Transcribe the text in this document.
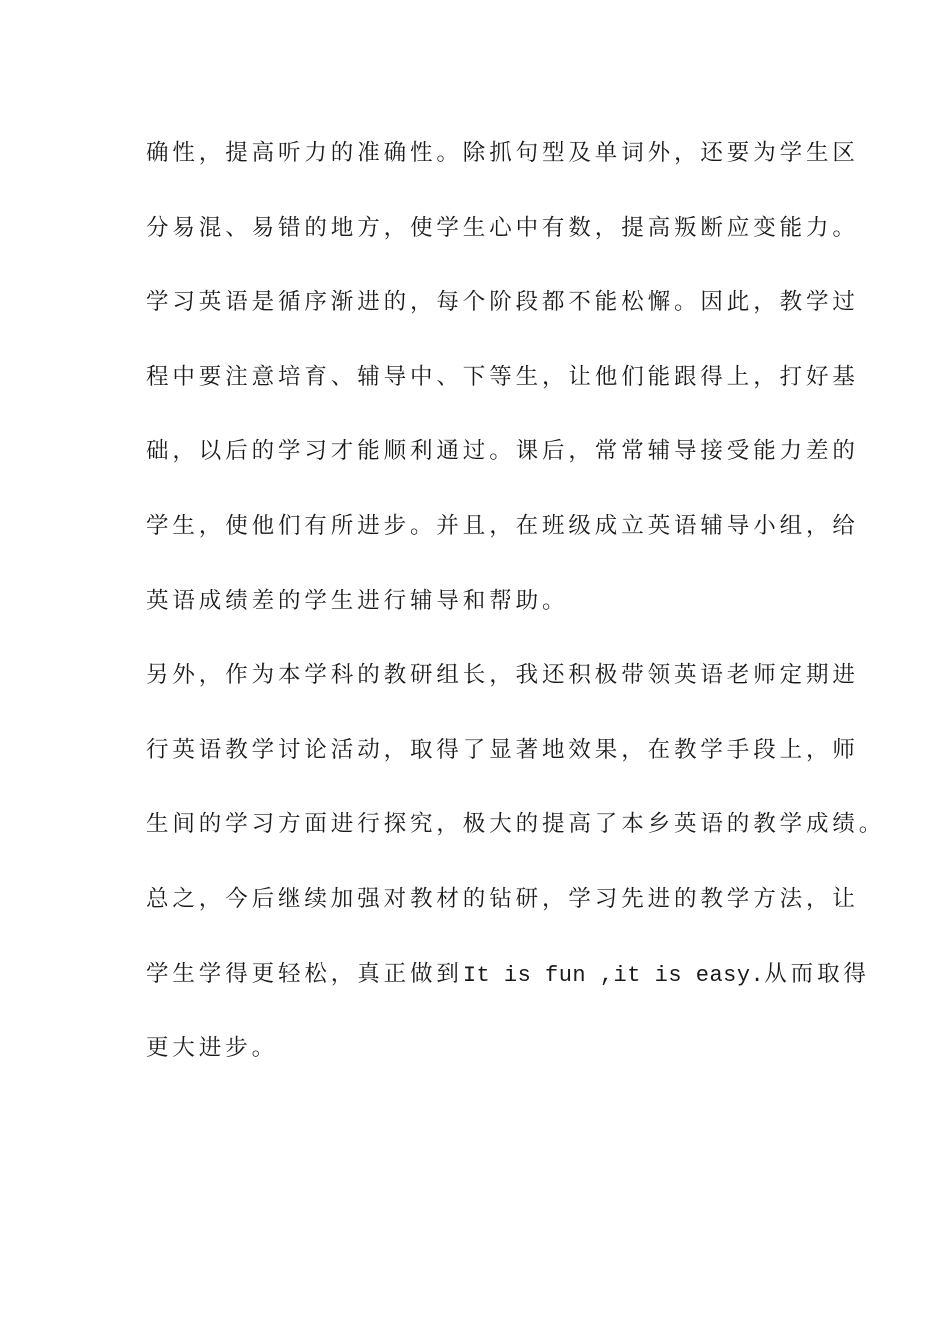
确性，提高听力的准确性。除抓句型及单词外，还要为学生区
分易混、易错的地方，使学生心中有数，提高叛断应变能力。
学习英语是循序渐进的，每个阶段都不能松懈。因此，教学过
程中要注意培育、辅导中、下等生，让他们能跟得上，打好基
础，以后的学习才能顺利通过。课后，常常辅导接受能力差的
学生，使他们有所进步。并且，在班级成立英语辅导小组，给
英语成绩差的学生进行辅导和帮助。
另外，作为本学科的教研组长，我还积极带领英语老师定期进
行英语教学讨论活动，取得了显著地效果，在教学手段上，师
生间的学习方面进行探究，极大的提高了本乡英语的教学成绩。
总之，今后继续加强对教材的钻研，学习先进的教学方法，让
学生学得更轻松，真正做到It is fun ,it is easy.从而取得
更大进步。
